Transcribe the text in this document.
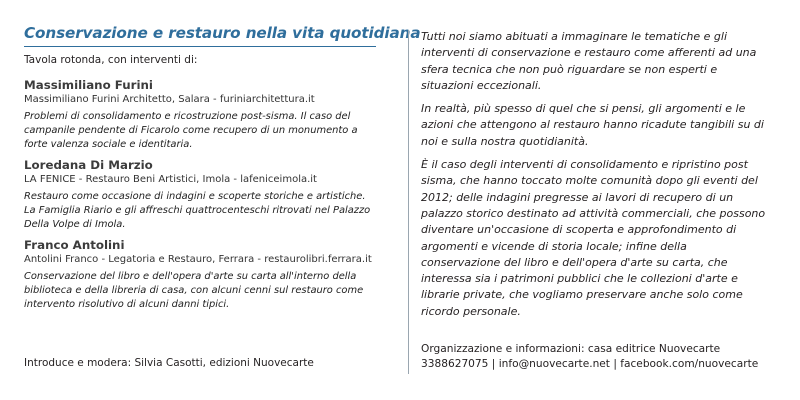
Conservazione e restauro nella vita quotidiana
Tavola rotonda, con interventi di:
Massimiliano Furini
Massimiliano Furini Architetto, Salara - furiniarchitettura.it
Problemi di consolidamento e ricostruzione post-sisma. Il caso del campanile pendente di Ficarolo come recupero di un monumento a forte valenza sociale e identitaria.
Loredana Di Marzio
LA FENICE - Restauro Beni Artistici, Imola - lafeniceimola.it
Restauro come occasione di indagini e scoperte storiche e artistiche. La Famiglia Riario e gli affreschi quattrocenteschi ritrovati nel Palazzo Della Volpe di Imola.
Franco Antolini
Antolini Franco - Legatoria e Restauro, Ferrara - restaurolibri.ferrara.it
Conservazione del libro e dell'opera d'arte su carta all'interno della biblioteca e della libreria di casa, con alcuni cenni sul restauro come intervento risolutivo di alcuni danni tipici.
Introduce e modera: Silvia Casotti, edizioni Nuovecarte

Tutti noi siamo abituati a immaginare le tematiche e gli interventi di conservazione e restauro come afferenti ad una sfera tecnica che non può riguardare se non esperti e situazioni eccezionali.

In realtà, più spesso di quel che si pensi, gli argomenti e le azioni che attengono al restauro hanno ricadute tangibili su di noi e sulla nostra quotidianità.

È il caso degli interventi di consolidamento e ripristino post sisma, che hanno toccato molte comunità dopo gli eventi del 2012; delle indagini pregresse ai lavori di recupero di un palazzo storico destinato ad attività commerciali, che possono diventare un'occasione di scoperta e approfondimento di argomenti e vicende di storia locale; infine della conservazione del libro e dell'opera d'arte su carta, che interessa sia i patrimoni pubblici che le collezioni d'arte e librarie private, che vogliamo preservare anche solo come ricordo personale.

Organizzazione e informazioni: casa editrice Nuovecarte
3388627075 | info@nuovecarte.net | facebook.com/nuovecarte
